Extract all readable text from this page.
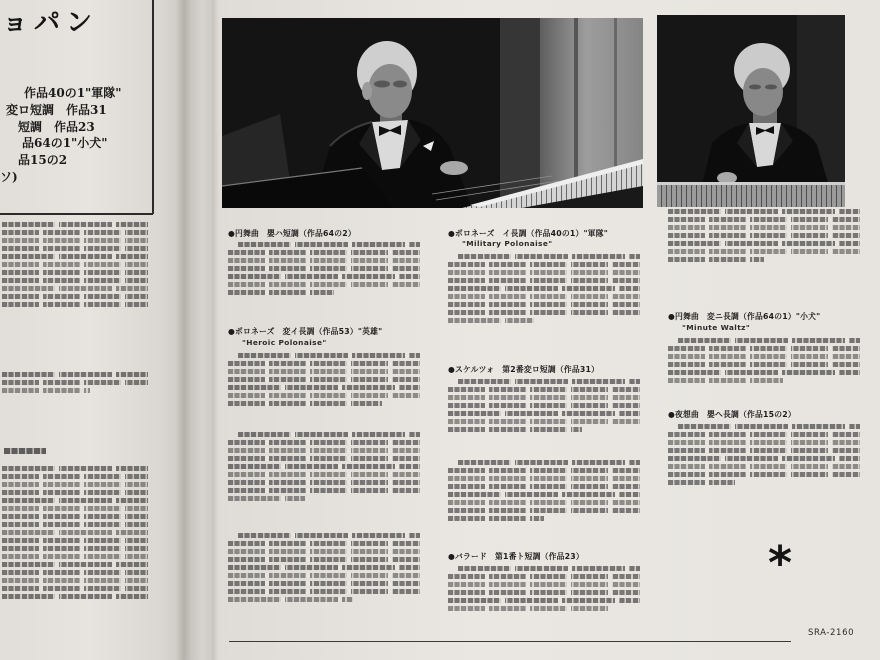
ョパン
作品40の1"軍隊"
変ロ短調　作品31
短調　作品23
品64の1"小犬"
品15の2
ソ)
●円舞曲　嬰ハ短調（作品64の2）
●ポロネーズ　変イ長調（作品53）"英雄"
"Heroic Polonaise"
●ポロネーズ　イ長調（作品40の1）"軍隊"
"Military Polonaise"
●スケルツォ　第2番変ロ短調（作品31）
●バラード　第1番ト短調（作品23）
●円舞曲　変ニ長調（作品64の1）"小犬"
"Minute Waltz"
●夜想曲　嬰ヘ長調（作品15の2）
*
SRA-2160
